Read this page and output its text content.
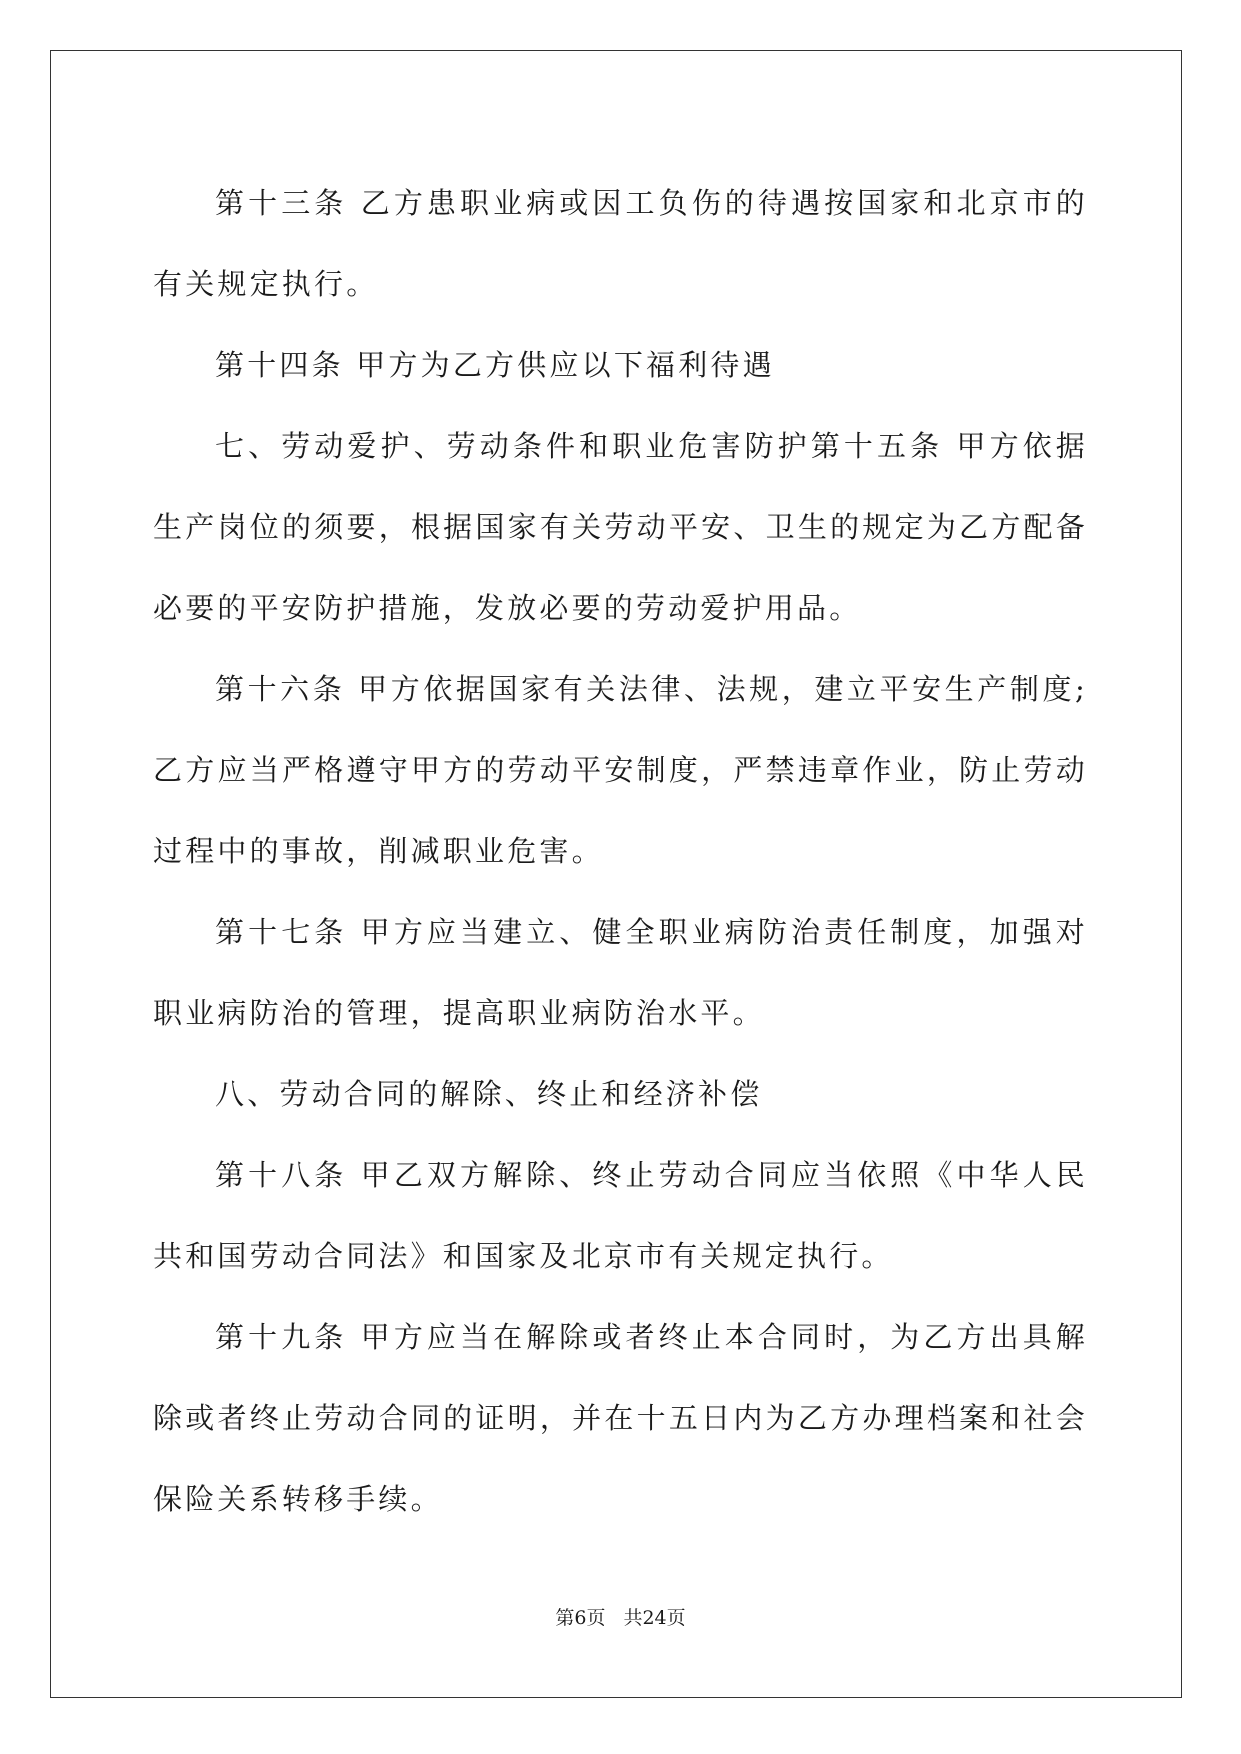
第十三条 乙方患职业病或因工负伤的待遇按国家和北京市的有关规定执行。

第十四条 甲方为乙方供应以下福利待遇

七、劳动爱护、劳动条件和职业危害防护第十五条 甲方依据生产岗位的须要，根据国家有关劳动平安、卫生的规定为乙方配备必要的平安防护措施，发放必要的劳动爱护用品。

第十六条 甲方依据国家有关法律、法规，建立平安生产制度;乙方应当严格遵守甲方的劳动平安制度，严禁违章作业，防止劳动过程中的事故，削减职业危害。

第十七条 甲方应当建立、健全职业病防治责任制度，加强对职业病防治的管理，提高职业病防治水平。

八、劳动合同的解除、终止和经济补偿

第十八条 甲乙双方解除、终止劳动合同应当依照《中华人民共和国劳动合同法》和国家及北京市有关规定执行。

第十九条 甲方应当在解除或者终止本合同时，为乙方出具解除或者终止劳动合同的证明，并在十五日内为乙方办理档案和社会保险关系转移手续。

第6页 共24页
